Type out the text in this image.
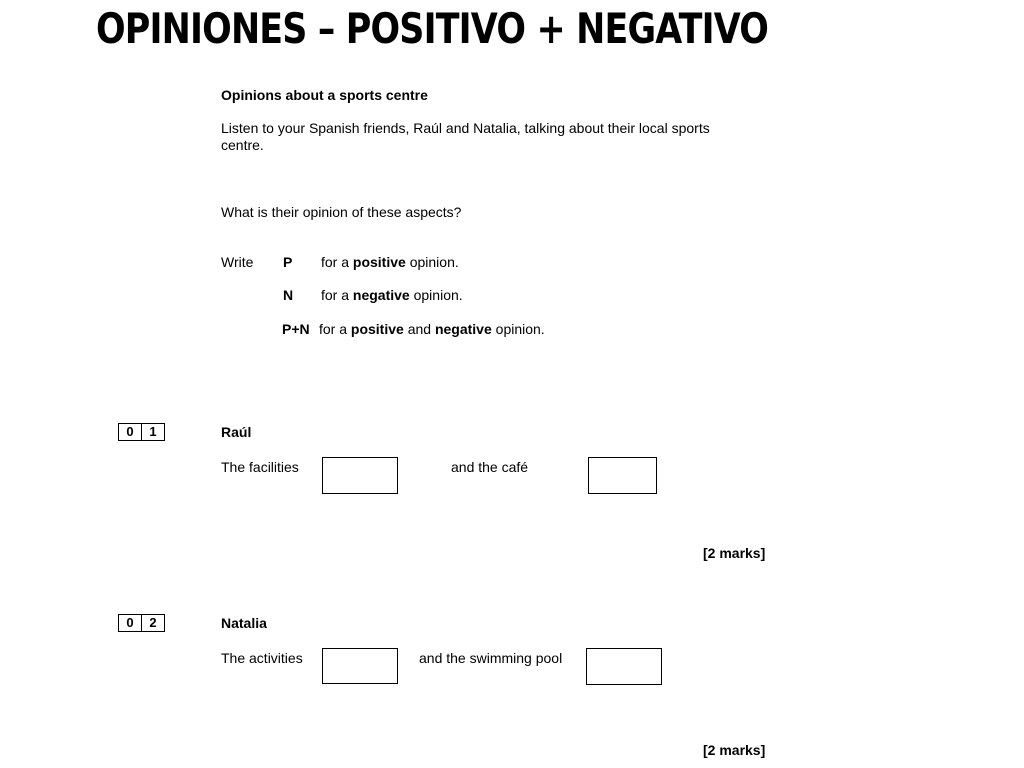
OPINIONES – POSITIVO + NEGATIVO
Opinions about a sports centre
Listen to your Spanish friends, Raúl and Natalia, talking about their local sports
centre.
What is their opinion of these aspects?
Write P for a positive opinion.
N for a negative opinion.
P+N for a positive and negative opinion.
0	1	Raúl
The facilities	and the café
[2 marks]
0	2	Natalia
The activities	and the swimming pool
[2 marks]
